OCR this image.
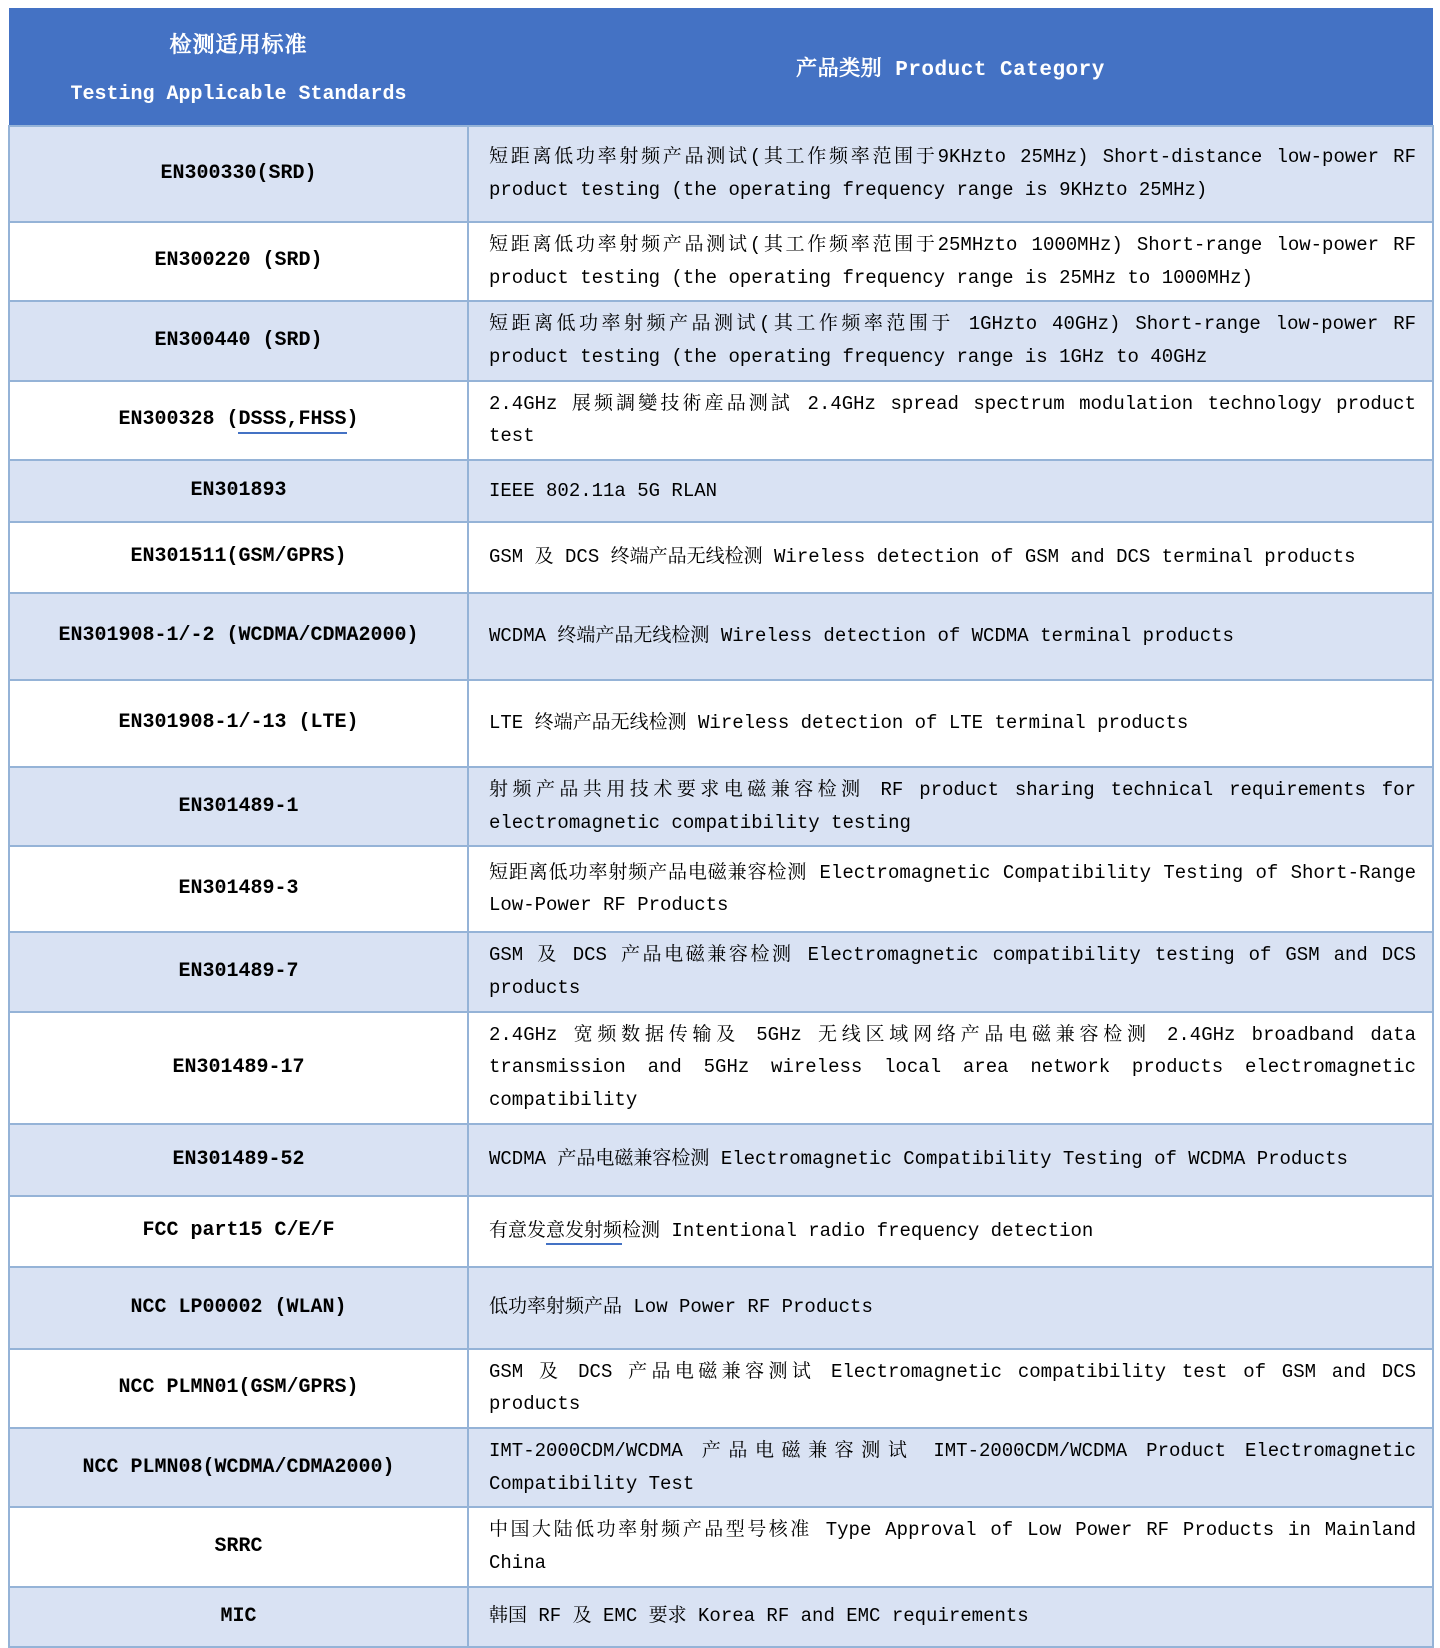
检测适用标准
Testing Applicable Standards	产品类别 Product Category

EN300330(SRD)	短距离低功率射频产品测试(其工作频率范围于9KHzto 25MHz) Short-distance low-power RF product testing (the operating frequency range is 9KHzto 25MHz)
EN300220 (SRD)	短距离低功率射频产品测试(其工作频率范围于25MHzto 1000MHz) Short-range low-power RF product testing (the operating frequency range is 25MHz to 1000MHz)
EN300440 (SRD)	短距离低功率射频产品测试(其工作频率范围于 1GHzto 40GHz) Short-range low-power RF product testing (the operating frequency range is 1GHz to 40GHz
EN300328 (DSSS,FHSS)	2.4GHz 展频調變技術産品测試 2.4GHz spread spectrum modulation technology product test
EN301893	IEEE 802.11a 5G RLAN
EN301511(GSM/GPRS)	GSM 及 DCS 终端产品无线检测 Wireless detection of GSM and DCS terminal products
EN301908-1/-2 (WCDMA/CDMA2000)	WCDMA 终端产品无线检测 Wireless detection of WCDMA terminal products
EN301908-1/-13 (LTE)	LTE 终端产品无线检测 Wireless detection of LTE terminal products
EN301489-1	射频产品共用技术要求电磁兼容检测 RF product sharing technical requirements for electromagnetic compatibility testing
EN301489-3	短距离低功率射频产品电磁兼容检测 Electromagnetic Compatibility Testing of Short-Range Low-Power RF Products
EN301489-7	GSM 及 DCS 产品电磁兼容检测 Electromagnetic compatibility testing of GSM and DCS products
EN301489-17	2.4GHz 宽频数据传输及 5GHz 无线区域网络产品电磁兼容检测 2.4GHz broadband data transmission and 5GHz wireless local area network products electromagnetic compatibility
EN301489-52	WCDMA 产品电磁兼容检测 Electromagnetic Compatibility Testing of WCDMA Products
FCC part15 C/E/F	有意发意发射频检测 Intentional radio frequency detection
NCC LP00002 (WLAN)	低功率射频产品 Low Power RF Products
NCC PLMN01(GSM/GPRS)	GSM 及 DCS 产品电磁兼容测试 Electromagnetic compatibility test of GSM and DCS products
NCC PLMN08(WCDMA/CDMA2000)	IMT-2000CDM/WCDMA 产品电磁兼容测试 IMT-2000CDM/WCDMA Product Electromagnetic Compatibility Test
SRRC	中国大陆低功率射频产品型号核准 Type Approval of Low Power RF Products in Mainland China
MIC	韩国 RF 及 EMC 要求 Korea RF and EMC requirements
